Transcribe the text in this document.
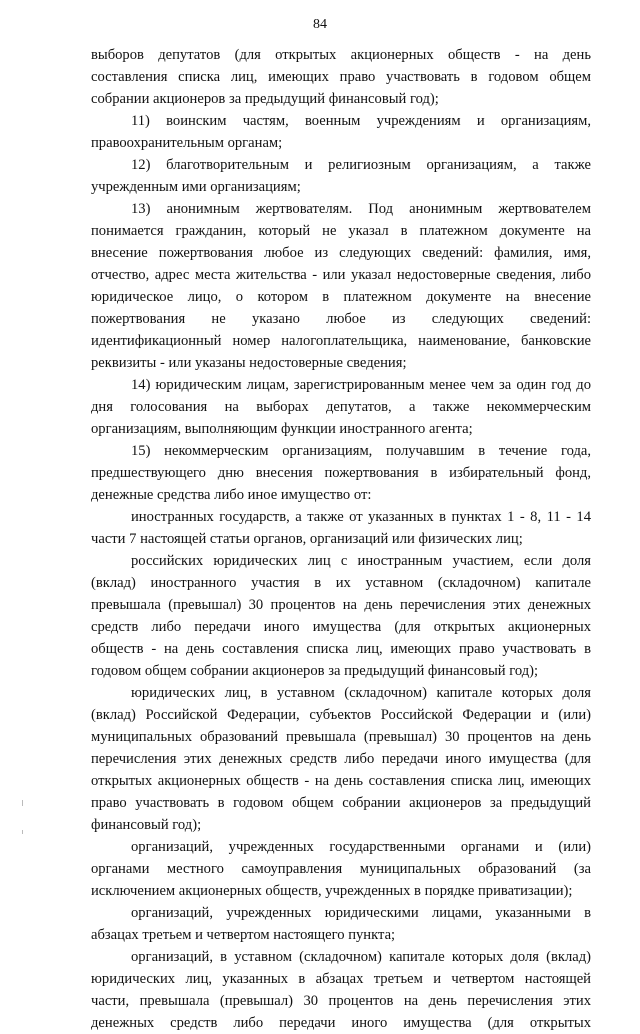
84
выборов депутатов (для открытых акционерных обществ - на день
составления списка лиц, имеющих право участвовать в годовом общем
собрании акционеров за предыдущий финансовый год);
11) воинским частям, военным учреждениям и организациям,
правоохранительным органам;
12) благотворительным и религиозным организациям, а также
учрежденным ими организациям;
13) анонимным жертвователям. Под анонимным жертвователем
понимается гражданин, который не указал в платежном документе на
внесение пожертвования любое из следующих сведений: фамилия, имя,
отчество, адрес места жительства - или указал недостоверные сведения, либо
юридическое лицо, о котором в платежном документе на внесение
пожертвования не указано любое из следующих сведений:
идентификационный номер налогоплательщика, наименование, банковские
реквизиты - или указаны недостоверные сведения;
14) юридическим лицам, зарегистрированным менее чем за один год до
дня голосования на выборах депутатов, а также некоммерческим
организациям, выполняющим функции иностранного агента;
15) некоммерческим организациям, получавшим в течение года,
предшествующего дню внесения пожертвования в избирательный фонд,
денежные средства либо иное имущество от:
иностранных государств, а также от указанных в пунктах 1 - 8, 11 - 14
части 7 настоящей статьи органов, организаций или физических лиц;
российских юридических лиц с иностранным участием, если доля
(вклад) иностранного участия в их уставном (складочном) капитале
превышала (превышал) 30 процентов на день перечисления этих денежных
средств либо передачи иного имущества (для открытых акционерных
обществ - на день составления списка лиц, имеющих право участвовать в
годовом общем собрании акционеров за предыдущий финансовый год);
юридических лиц, в уставном (складочном) капитале которых доля
(вклад) Российской Федерации, субъектов Российской Федерации и (или)
муниципальных образований превышала (превышал) 30 процентов на день
перечисления этих денежных средств либо передачи иного имущества (для
открытых акционерных обществ - на день составления списка лиц, имеющих
право участвовать в годовом общем собрании акционеров за предыдущий
финансовый год);
организаций, учрежденных государственными органами и (или)
органами местного самоуправления муниципальных образований (за
исключением акционерных обществ, учрежденных в порядке приватизации);
организаций, учрежденных юридическими лицами, указанными в
абзацах третьем и четвертом настоящего пункта;
организаций, в уставном (складочном) капитале которых доля (вклад)
юридических лиц, указанных в абзацах третьем и четвертом настоящей
части, превышала (превышал) 30 процентов на день перечисления этих
денежных средств либо передачи иного имущества (для открытых
